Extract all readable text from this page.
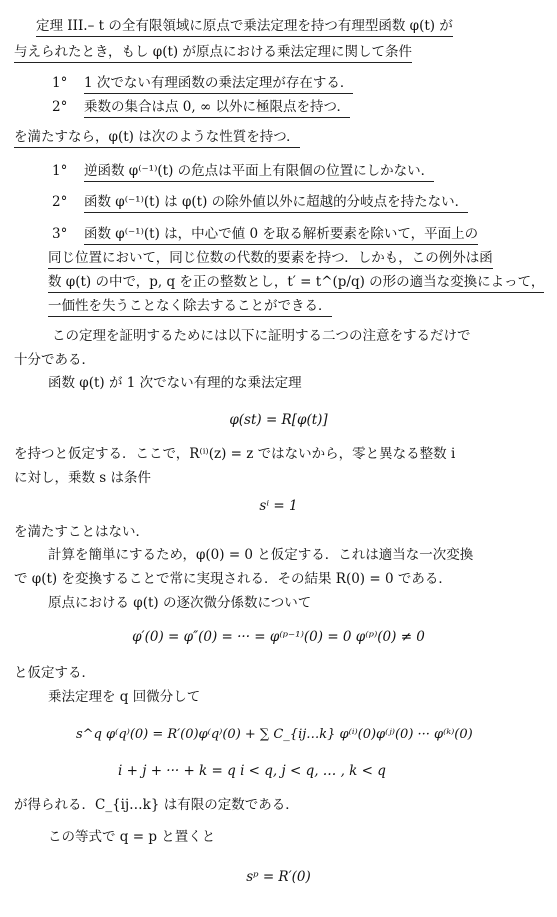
定理 III.– t の全有限領域に原点で乗法定理を持つ有理型函数 φ(t) が
与えられたとき，もし φ(t) が原点における乗法定理に関して条件
1° 1 次でない有理函数の乗法定理が存在する．
2° 乗数の集合は点 0, ∞ 以外に極限点を持つ．
を満たすなら，φ(t) は次のような性質を持つ．
1° 逆函数 φ⁽⁻¹⁾(t) の危点は平面上有限個の位置にしかない．
2° 函数 φ⁽⁻¹⁾(t) は φ(t) の除外値以外に超越的分岐点を持たない．
3° 函数 φ⁽⁻¹⁾(t) は，中心で値 0 を取る解析要素を除いて，平面上の
同じ位置において，同じ位数の代数的要素を持つ．しかも，この例外は函
数 φ(t) の中で，p, q を正の整数とし，t′ = t^(p/q) の形の適当な変換によって，
一価性を失うことなく除去することができる．
この定理を証明するためには以下に証明する二つの注意をするだけで
十分である．
函数 φ(t) が 1 次でない有理的な乗法定理
φ(st) = R[φ(t)]
を持つと仮定する．ここで，R⁽ⁱ⁾(z) = z ではないから，零と異なる整数 i
に対し，乗数 s は条件
sⁱ = 1
を満たすことはない．
計算を簡単にするため，φ(0) = 0 と仮定する．これは適当な一次変換
で φ(t) を変換することで常に実現される．その結果 R(0) = 0 である．
原点における φ(t) の逐次微分係数について
φ′(0) = φ″(0) = ··· = φ⁽ᵖ⁻¹⁾(0) = 0 φ⁽ᵖ⁾(0) ≠ 0
と仮定する．
乗法定理を q 回微分して
s^q φ⁽q⁾(0) = R′(0)φ⁽q⁾(0) + ∑ C_{ij…k} φ⁽ⁱ⁾(0)φ⁽ʲ⁾(0) ··· φ⁽ᵏ⁾(0)
i + j + ··· + k = q i < q, j < q, … , k < q
が得られる．C_{ij…k} は有限の定数である．
この等式で q = p と置くと
sᵖ = R′(0)
